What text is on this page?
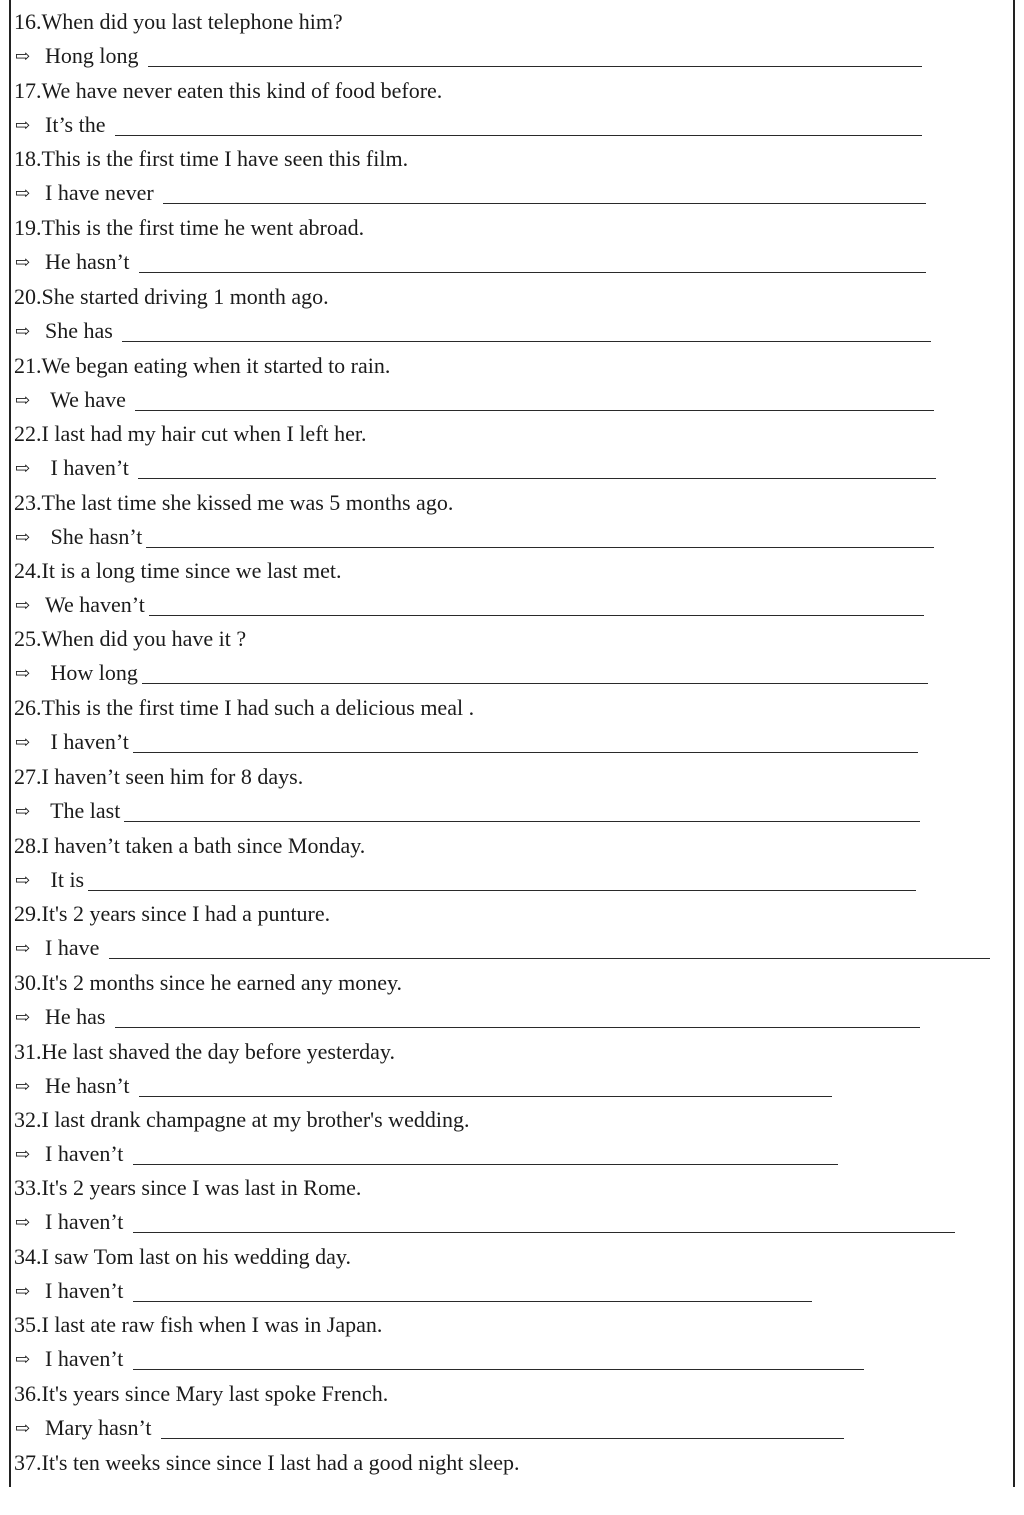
16.When did you last telephone him?
⇨ Hong long
17.We have never eaten this kind of food before.
⇨ It’s the
18.This is the first time I have seen this film.
⇨ I have never
19.This is the first time he went abroad.
⇨ He hasn’t
20.She started driving 1 month ago.
⇨ She has
21.We began eating when it started to rain.
⇨ We have
22.I last had my hair cut when I left her.
⇨ I haven’t
23.The last time she kissed me was 5 months ago.
⇨ She hasn’t
24.It is a long time since we last met.
⇨ We haven’t
25.When did you have it ?
⇨ How long
26.This is the first time I had such a delicious meal .
⇨ I haven’t
27.I haven’t seen him for 8 days.
⇨ The last
28.I haven’t taken a bath since Monday.
⇨ It is
29.It's 2 years since I had a punture.
⇨ I have
30.It's 2 months since he earned any money.
⇨ He has
31.He last shaved the day before yesterday.
⇨ He hasn’t
32.I last drank champagne at my brother's wedding.
⇨ I haven’t
33.It's 2 years since I was last in Rome.
⇨ I haven’t
34.I saw Tom last on his wedding day.
⇨ I haven’t
35.I last ate raw fish when I was in Japan.
⇨ I haven’t
36.It's years since Mary last spoke French.
⇨ Mary hasn’t
37.It's ten weeks since since I last had a good night sleep.
